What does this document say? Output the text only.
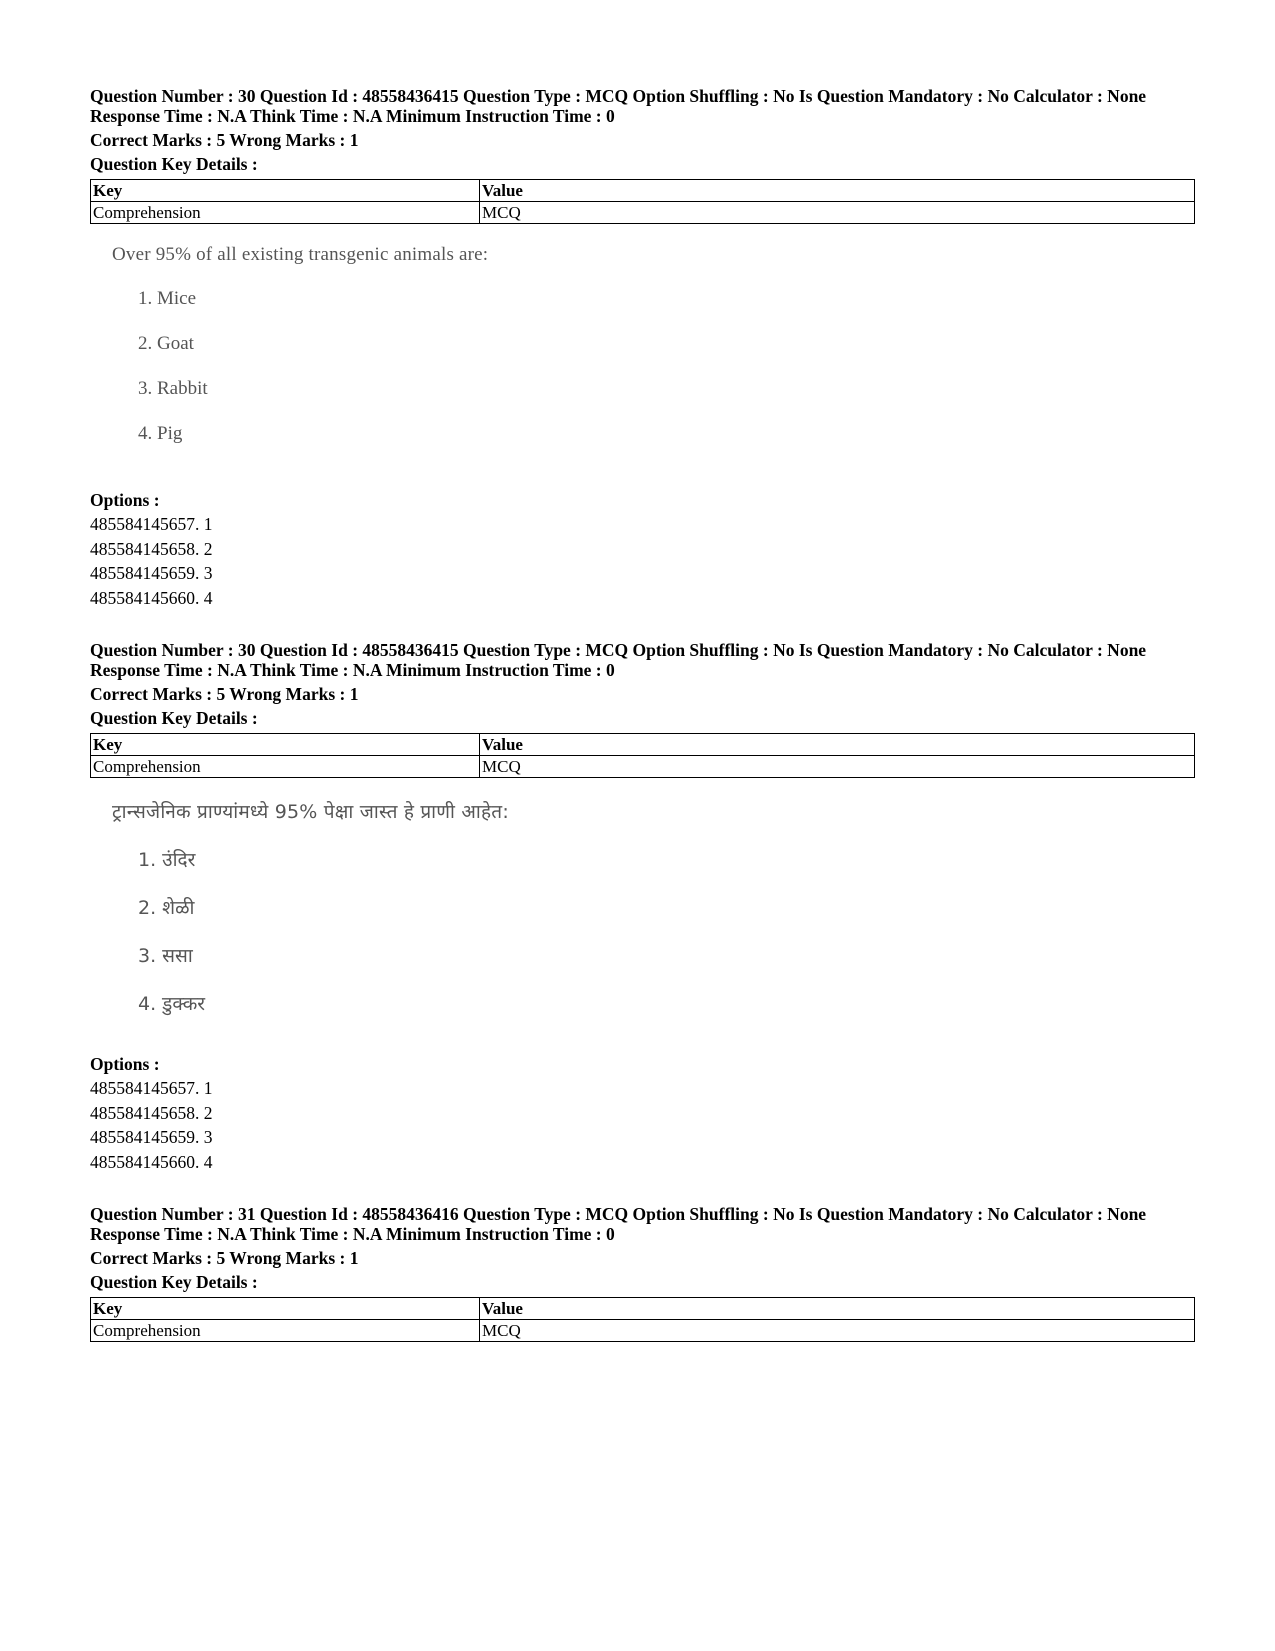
Question Number : 30 Question Id : 48558436415 Question Type : MCQ Option Shuffling : No Is Question Mandatory : No Calculator : None
Response Time : N.A Think Time : N.A Minimum Instruction Time : 0
Correct Marks : 5 Wrong Marks : 1
Question Key Details :
Key	Value
Comprehension	MCQ
Over 95% of all existing transgenic animals are:
1. Mice
2. Goat
3. Rabbit
4. Pig
Options :
485584145657. 1
485584145658. 2
485584145659. 3
485584145660. 4
Question Number : 30 Question Id : 48558436415 Question Type : MCQ Option Shuffling : No Is Question Mandatory : No Calculator : None
Response Time : N.A Think Time : N.A Minimum Instruction Time : 0
Correct Marks : 5 Wrong Marks : 1
Question Key Details :
Key	Value
Comprehension	MCQ
ट्रान्सजेनिक प्राण्यांमध्ये 95% पेक्षा जास्त हे प्राणी आहेत:
1. उंदिर
2. शेळी
3. ससा
4. डुक्कर
Options :
485584145657. 1
485584145658. 2
485584145659. 3
485584145660. 4
Question Number : 31 Question Id : 48558436416 Question Type : MCQ Option Shuffling : No Is Question Mandatory : No Calculator : None
Response Time : N.A Think Time : N.A Minimum Instruction Time : 0
Correct Marks : 5 Wrong Marks : 1
Question Key Details :
Key	Value
Comprehension	MCQ
